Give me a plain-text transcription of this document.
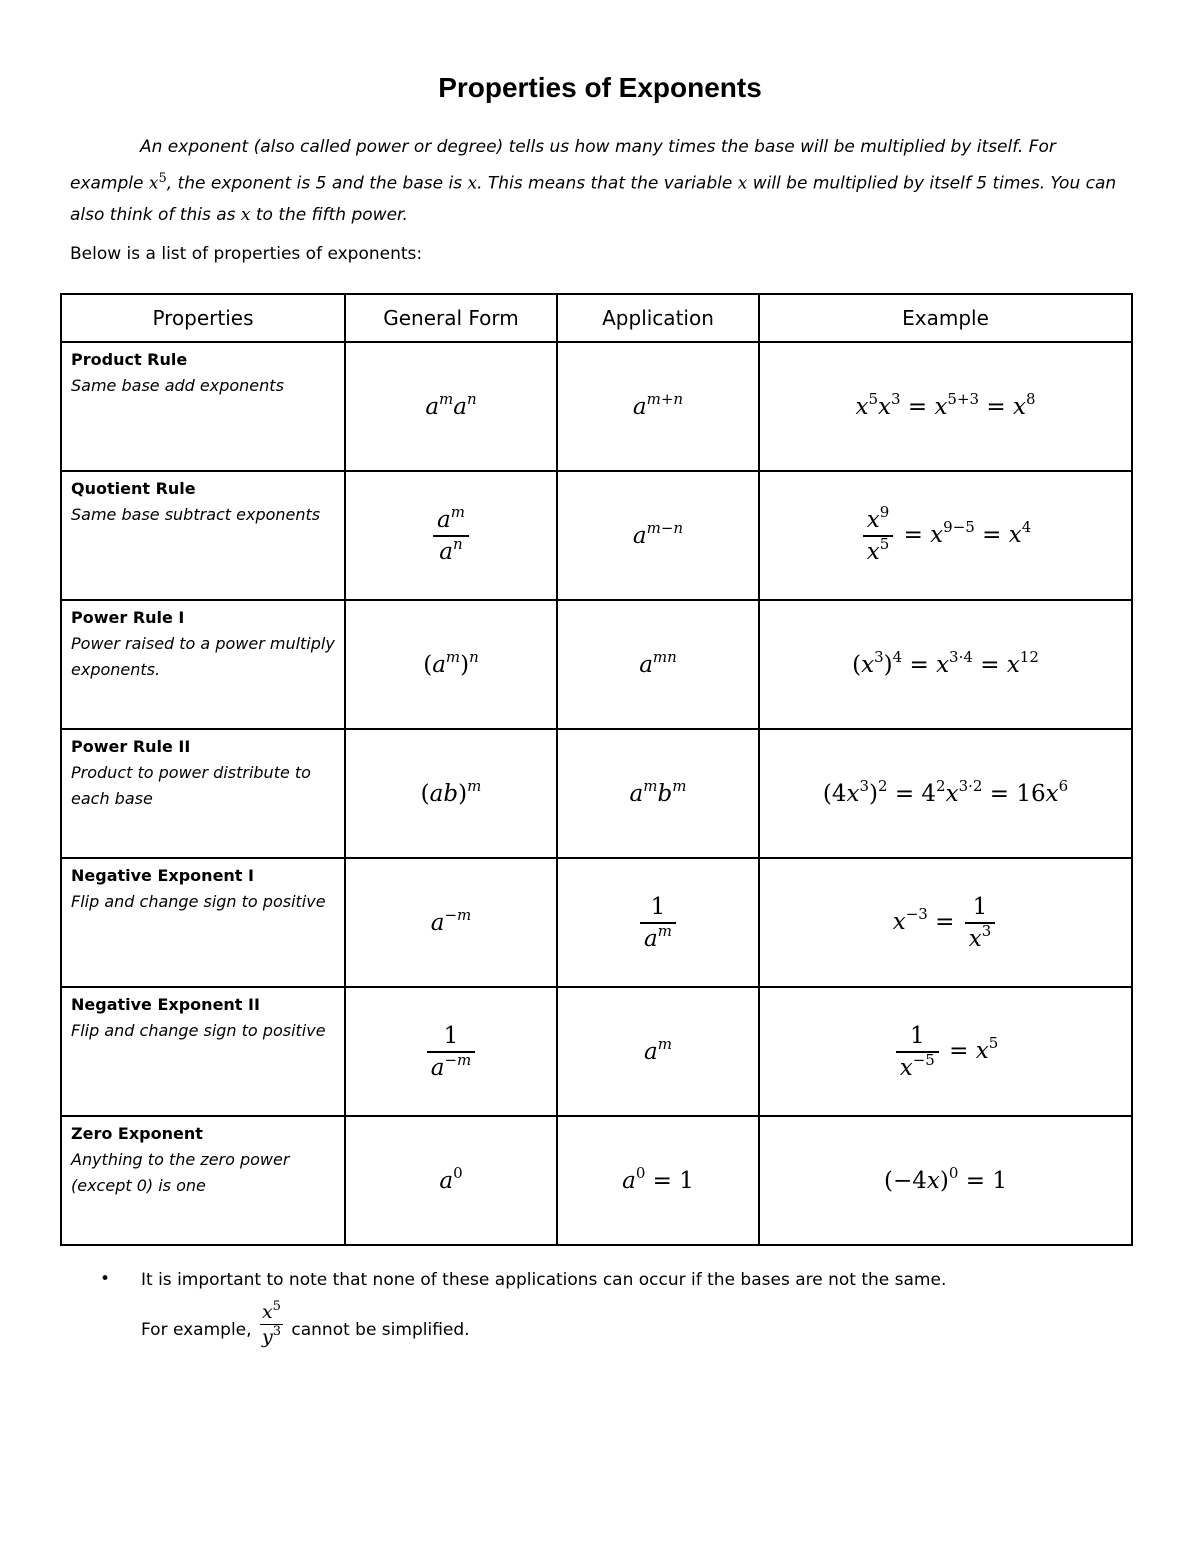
Properties of Exponents
An exponent (also called power or degree) tells us how many times the base will be multiplied by itself. For example $x^5$, the exponent is 5 and the base is x. This means that the variable x will be multiplied by itself 5 times. You can also think of this as x to the fifth power.
Below is a list of properties of exponents:
Properties	General Form	Application	Example

Product Rule
Same base add exponents	$a^ma^n$	$a^{m+n}$	$x^5x^3 = x^{5+3} = x^8$

Quotient Rule
Same base subtract exponents	$\frac{a^m}{a^n}$	$a^{m-n}$	$\frac{x^9}{x^5} = x^{9-5} = x^4$

Power Rule I
Power raised to a power multiply exponents.	$(a^m)^n$	$a^{mn}$	$(x^3)^4 = x^{3\cdot 4} = x^{12}$

Power Rule II
Product to power distribute to each base	(ab)$^m$	$a^mb^m$	$(4x^3)^2 = 4^2x^{3\cdot 2} = 16x^6$

Negative Exponent I
Flip and change sign to positive	$a^{-m}$	$\frac{1}{a^m}$	$x^{-3} = \frac{1}{x^3}$

Negative Exponent II
Flip and change sign to positive	$\frac{1}{a^{-m}}$	$a^m$	$\frac{1}{x^{-5}} = x^5$

Zero Exponent
Anything to the zero power (except 0) is one	$a^0$	$a^0 = 1$	$(-4x)^0 = 1$
• It is important to note that none of these applications can occur if the bases are not the same.
For example, $\frac{x^5}{y^3}$ cannot be simplified.
